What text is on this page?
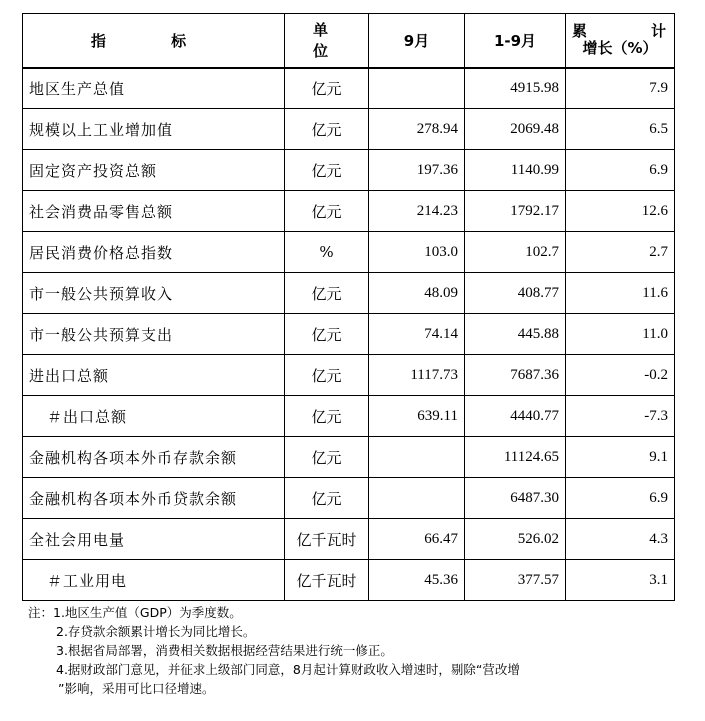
指 标	单 位	9月	1-9月	累 计
增长（%）

地区生产总值	亿元		4915.98	7.9
规模以上工业增加值	亿元	278.94	2069.48	6.5
固定资产投资总额	亿元	197.36	1140.99	6.9
社会消费品零售总额	亿元	214.23	1792.17	12.6
居民消费价格总指数	%	103.0	102.7	2.7
市一般公共预算收入	亿元	48.09	408.77	11.6
市一般公共预算支出	亿元	74.14	445.88	11.0
进出口总额	亿元	1117.73	7687.36	-0.2
＃出口总额	亿元	639.11	4440.77	-7.3
金融机构各项本外币存款余额	亿元		11124.65	9.1
金融机构各项本外币贷款余额	亿元		6487.30	6.9
全社会用电量	亿千瓦时	66.47	526.02	4.3
＃工业用电	亿千瓦时	45.36	377.57	3.1
注：1.地区生产值（GDP）为季度数。
2.存贷款余额累计增长为同比增长。
3.根据省局部署，消费相关数据根据经营结果进行统一修正。
4.据财政部门意见，并征求上级部门同意，8月起计算财政收入增速时，剔除“营改增
”影响，采用可比口径增速。
